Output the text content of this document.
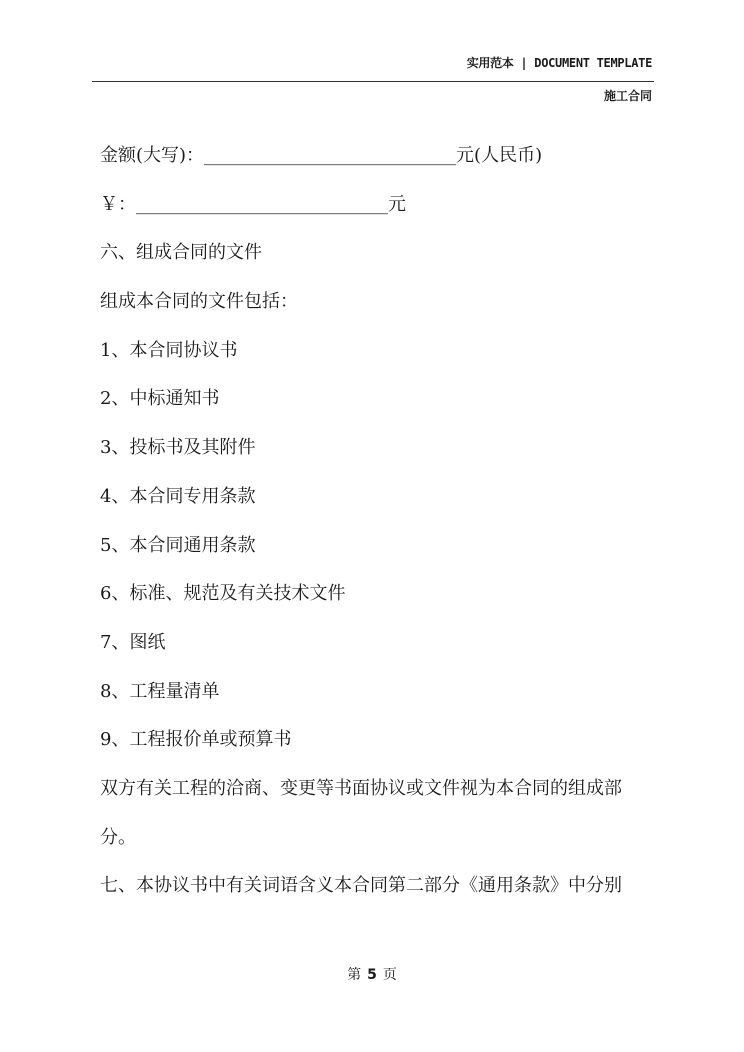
实用范本 | DOCUMENT TEMPLATE
施工合同
金额(大写)：____________________________元(人民币)
￥：____________________________元
六、组成合同的文件
组成本合同的文件包括：
1、本合同协议书
2、中标通知书
3、投标书及其附件
4、本合同专用条款
5、本合同通用条款
6、标准、规范及有关技术文件
7、图纸
8、工程量清单
9、工程报价单或预算书
双方有关工程的洽商、变更等书面协议或文件视为本合同的组成部
分。
七、本协议书中有关词语含义本合同第二部分《通用条款》中分别
第 5 页
